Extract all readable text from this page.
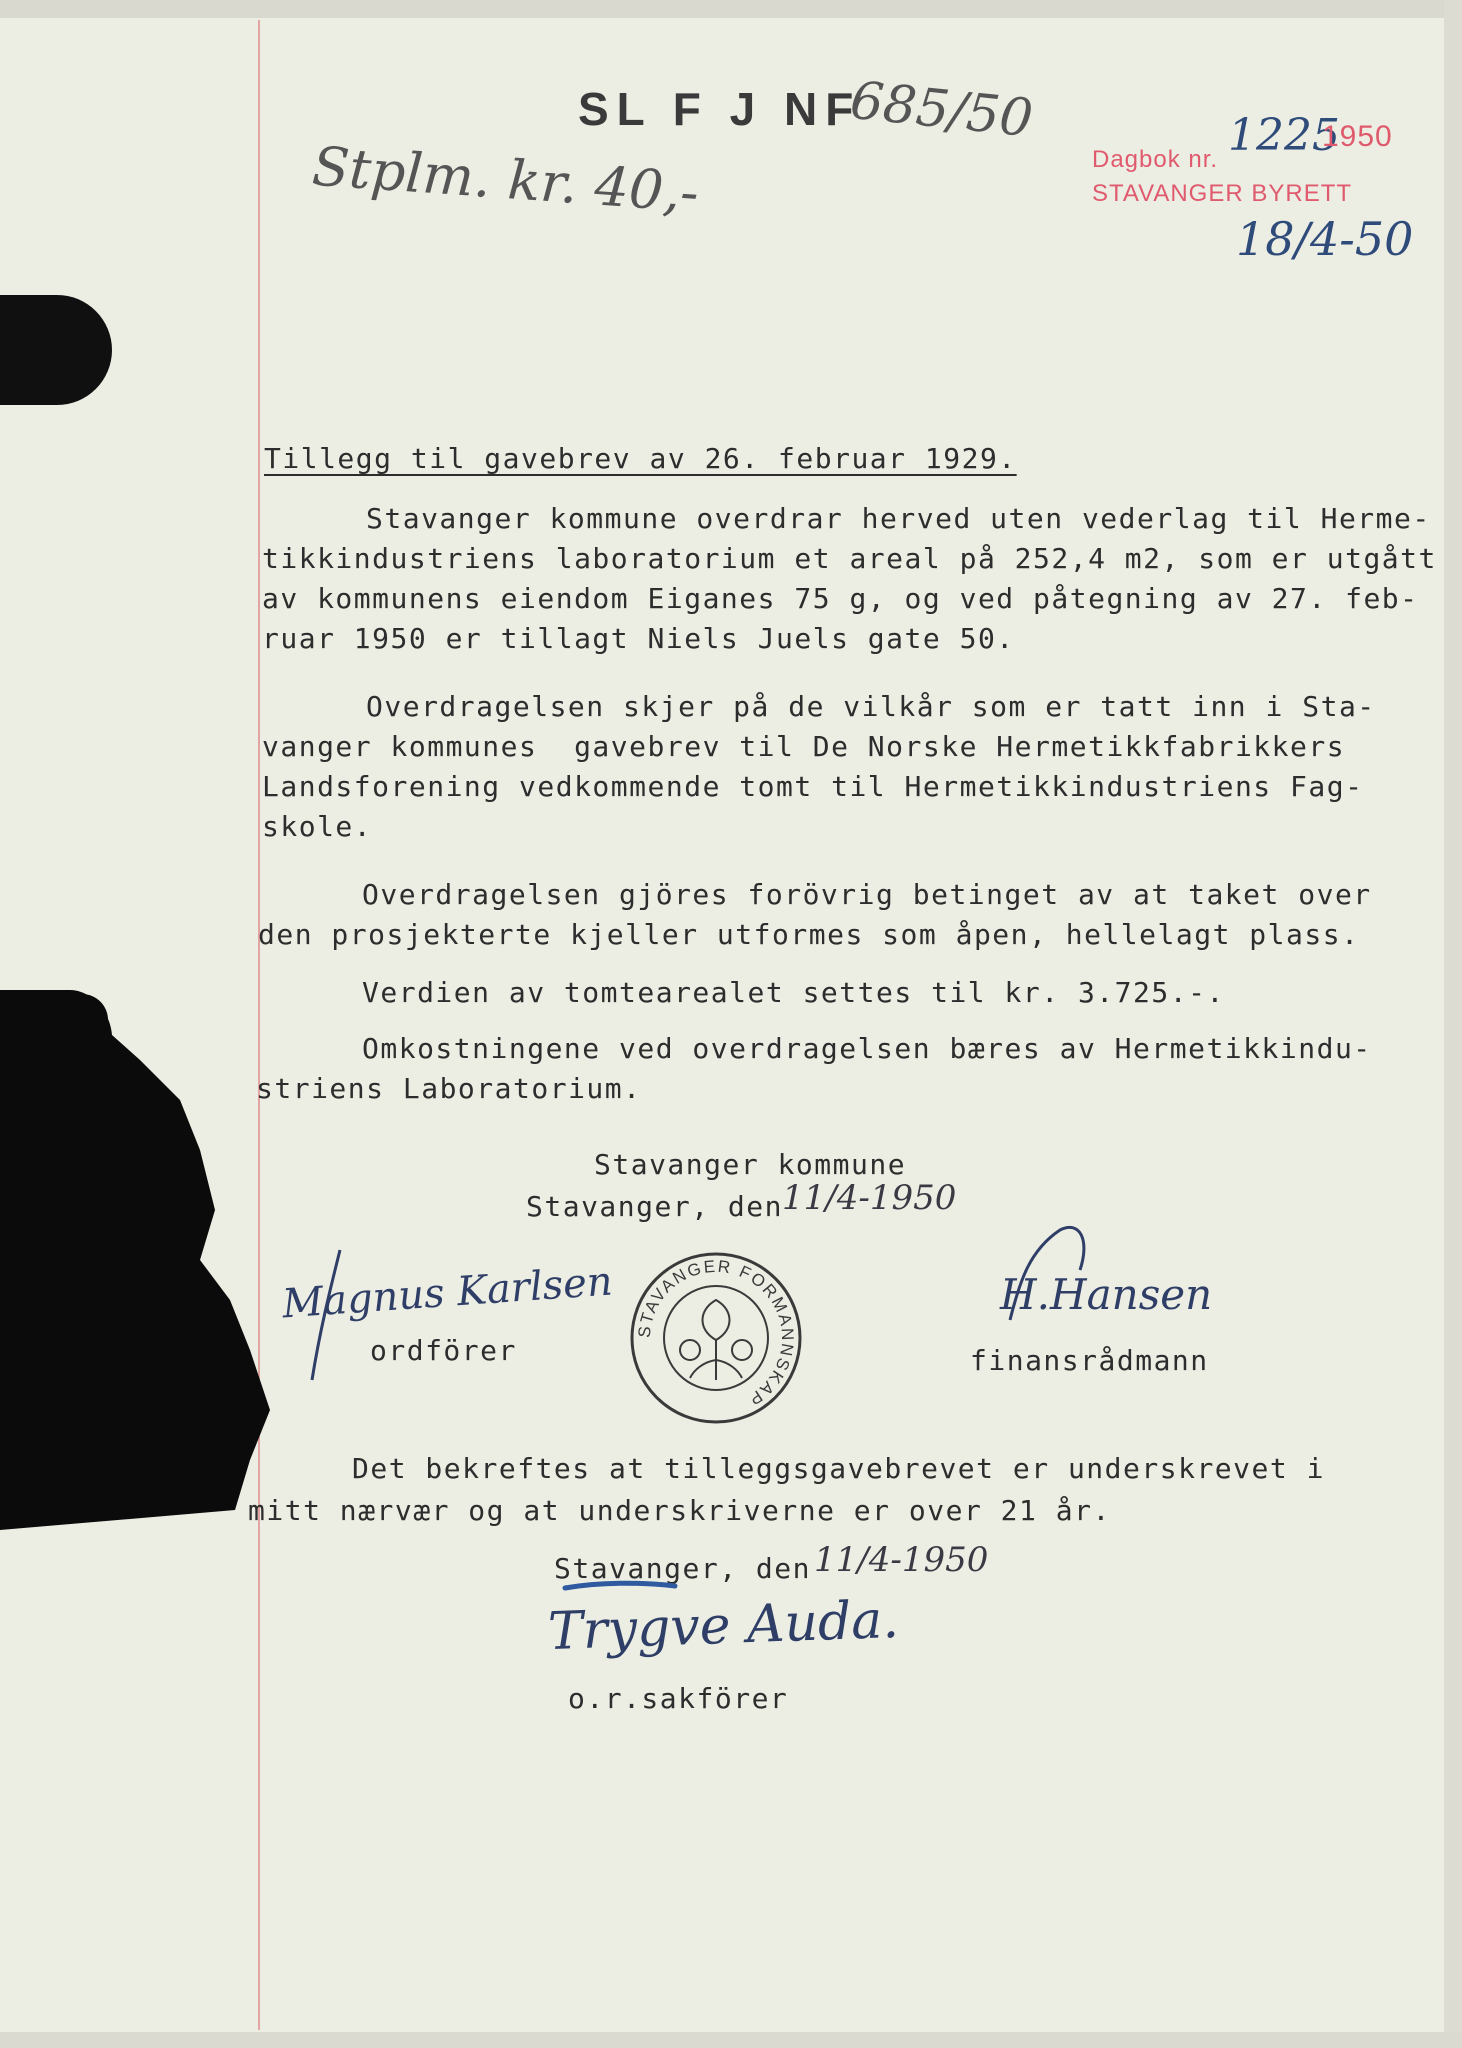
SL F J NF
685/50
Stplm. kr. 40,-	Dagbok nr. 1225
1950
STAVANGER BYRETT
18/4-50
Tillegg til gavebrev av 26. februar 1929.
Stavanger kommune overdrar herved uten vederlag til Herme-
tikkindustriens laboratorium et areal på 252,4 m2, som er utgått
av kommunens eiendom Eiganes 75 g, og ved påtegning av 27. feb-
ruar 1950 er tillagt Niels Juels gate 50.
Overdragelsen skjer på de vilkår som er tatt inn i Sta-
vanger kommunes  gavebrev til De Norske Hermetikkfabrikkers
Landsforening vedkommende tomt til Hermetikkindustriens Fag-
skole.
Overdragelsen gjöres forövrig betinget av at taket over
den prosjekterte kjeller utformes som åpen, hellelagt plass.
Verdien av tomtearealet settes til kr. 3.725.-.
Omkostningene ved overdragelsen bæres av Hermetikkindu-
striens Laboratorium.
Stavanger kommune
Stavanger, den
11/4-1950
Magnus Karlsen
ordförer
STAVANGER FORMANNSKAP
H.Hansen
finansrådmann
Det bekreftes at tilleggsgavebrevet er underskrevet i
mitt nærvær og at underskriverne er over 21 år.
Stavanger, den 11/4-1950
Trygve Auda.
o.r.sakförer
